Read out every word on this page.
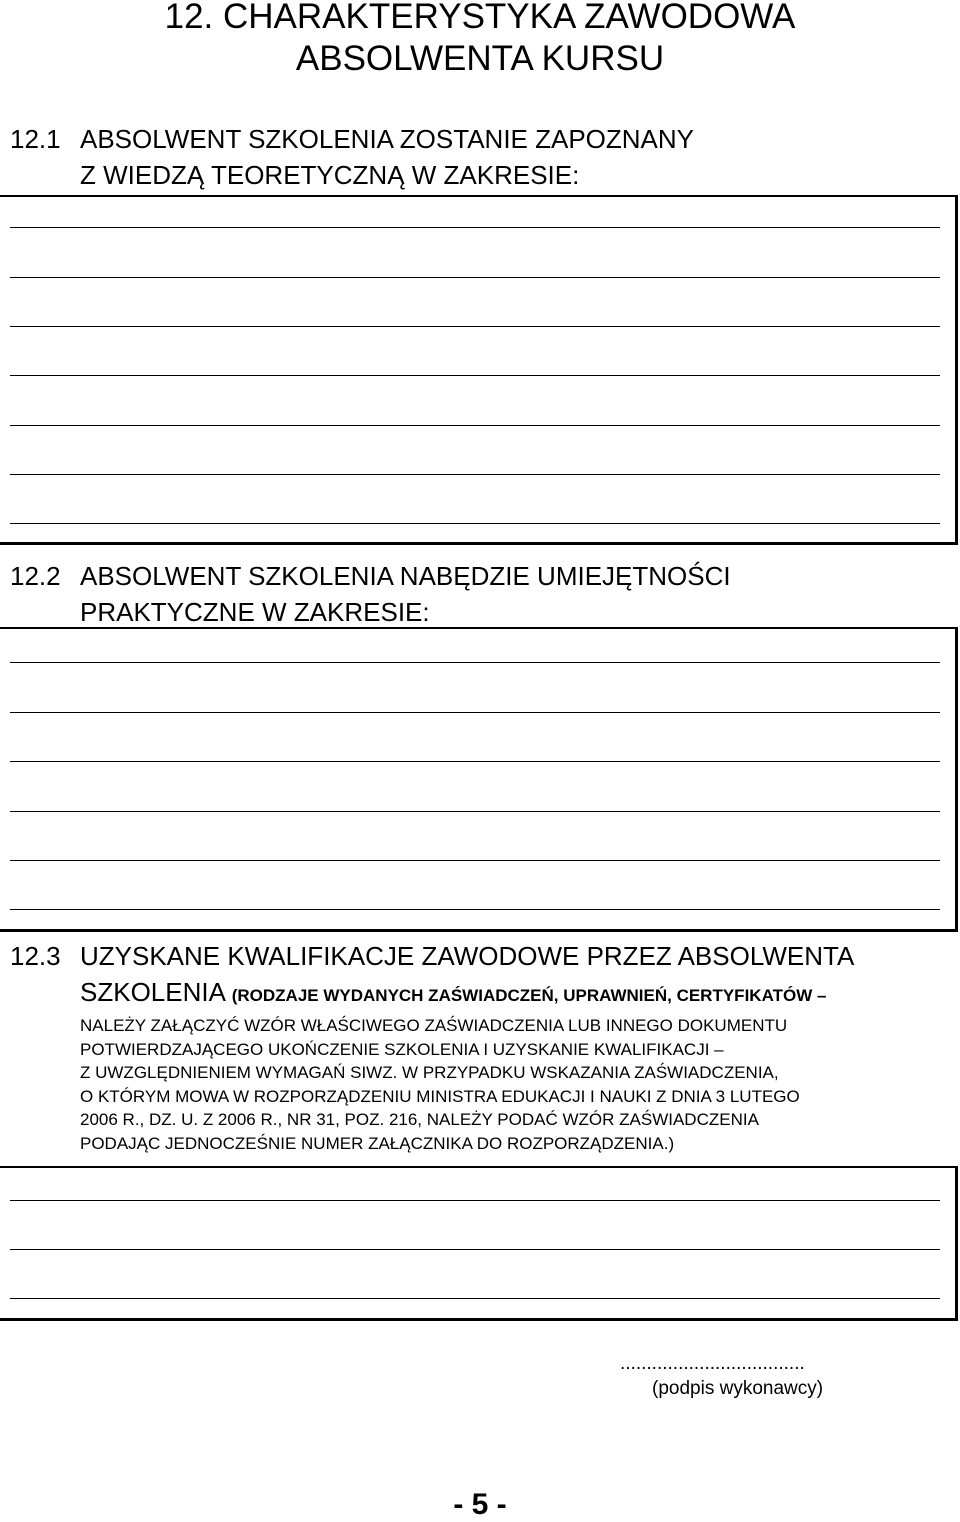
12. CHARAKTERYSTYKA ZAWODOWA
ABSOLWENTA KURSU
12.1 ABSOLWENT SZKOLENIA ZOSTANIE ZAPOZNANY
Z WIEDZĄ TEORETYCZNĄ W ZAKRESIE:
12.2 ABSOLWENT SZKOLENIA NABĘDZIE UMIEJĘTNOŚCI
PRAKTYCZNE W ZAKRESIE:
12.3 UZYSKANE KWALIFIKACJE ZAWODOWE PRZEZ ABSOLWENTA
SZKOLENIA (RODZAJE WYDANYCH ZAŚWIADCZEŃ, UPRAWNIEŃ, CERTYFIKATÓW –
NALEŻY ZAŁĄCZYĆ WZÓR WŁAŚCIWEGO ZAŚWIADCZENIA LUB INNEGO DOKUMENTU
POTWIERDZAJĄCEGO UKOŃCZENIE SZKOLENIA I UZYSKANIE KWALIFIKACJI –
Z UWZGLĘDNIENIEM WYMAGAŃ SIWZ. W PRZYPADKU WSKAZANIA ZAŚWIADCZENIA,
O KTÓRYM MOWA W ROZPORZĄDZENIU MINISTRA EDUKACJI I NAUKI Z DNIA 3 LUTEGO
2006 R., DZ. U. Z 2006 R., NR 31, POZ. 216, NALEŻY PODAĆ WZÓR ZAŚWIADCZENIA
PODAJĄC JEDNOCZEŚNIE NUMER ZAŁĄCZNIKA DO ROZPORZĄDZENIA.)
...................................
(podpis wykonawcy)
- 5 -
